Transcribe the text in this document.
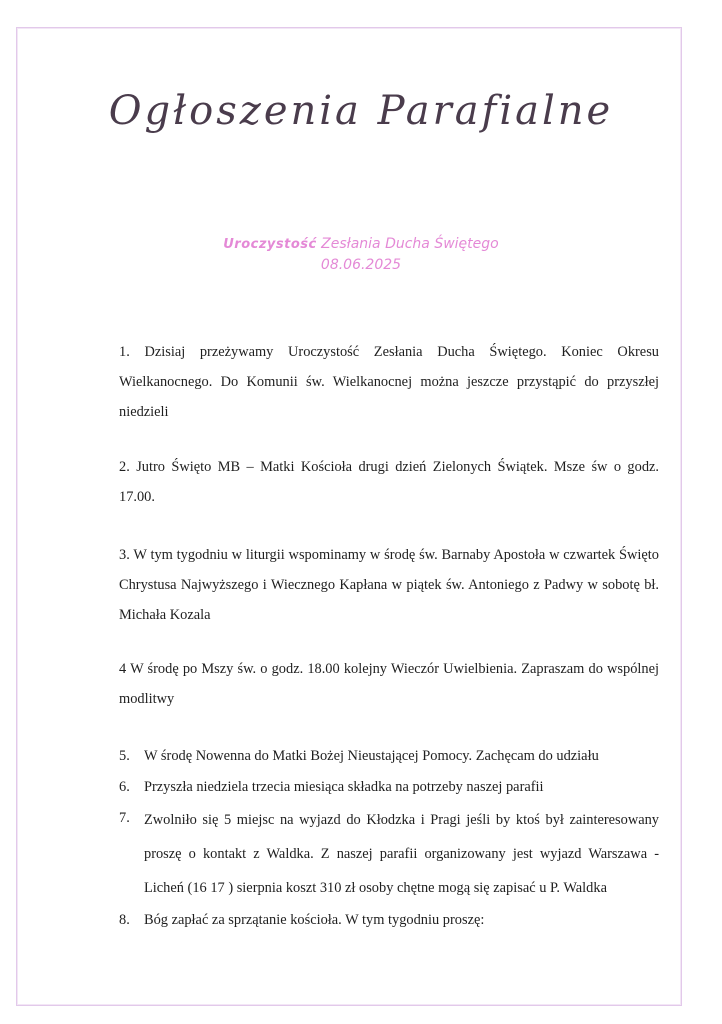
Ogłoszenia Parafialne
Uroczystość Zesłania Ducha Świętego
08.06.2025

1. Dzisiaj przeżywamy Uroczystość Zesłania Ducha Świętego. Koniec Okresu Wielkanocnego. Do Komunii św. Wielkanocnej można jeszcze przystąpić do przyszłej niedzieli

2. Jutro Święto MB – Matki Kościoła drugi dzień Zielonych Świątek. Msze św o godz. 17.00.

3. W tym tygodniu w liturgii wspominamy w środę św. Barnaby Apostoła w czwartek Święto Chrystusa Najwyższego i Wiecznego Kapłana w piątek św. Antoniego z Padwy w sobotę bł. Michała Kozala

4 W środę po Mszy św. o godz. 18.00 kolejny Wieczór Uwielbienia. Zapraszam do wspólnej modlitwy

5. W środę Nowenna do Matki Bożej Nieustającej Pomocy. Zachęcam do udziału
6. Przyszła niedziela trzecia miesiąca składka na potrzeby naszej parafii
7. Zwolniło się 5 miejsc na wyjazd do Kłodzka i Pragi jeśli by ktoś był zainteresowany proszę o kontakt z Waldka. Z naszej parafii organizowany jest wyjazd Warszawa - Licheń (16 17 ) sierpnia koszt 310 zł osoby chętne mogą się zapisać u P. Waldka
8. Bóg zapłać za sprzątanie kościoła. W tym tygodniu proszę:
